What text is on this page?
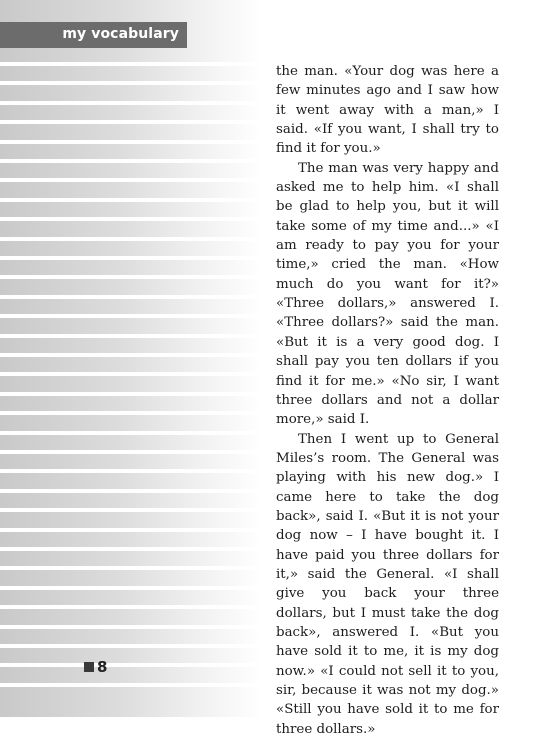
my vocabulary
8

the man. «Your dog was here a few minutes ago and I saw how it went away with a man,» I said. «If you want, I shall try to find it for you.»

The man was very happy and asked me to help him. «I shall be glad to help you, but it will take some of my time and...» «I am ready to pay you for your time,» cried the man. «How much do you want for it?» «Three dollars,» answered I. «Three dollars?» said the man. «But it is a very good dog. I shall pay you ten dollars if you find it for me.» «No sir, I want three dollars and not a dollar more,» said I.

Then I went up to General Miles’s room. The General was playing with his new dog.» I came here to take the dog back», said I. «But it is not your dog now – I have bought it. I have paid you three dollars for it,» said the General. «I shall give you back your three dollars, but I must take the dog back», answered I. «But you have sold it to me, it is my dog now.» «I could not sell it to you, sir, because it was not my dog.» «Still you have sold it to me for three dollars.»
